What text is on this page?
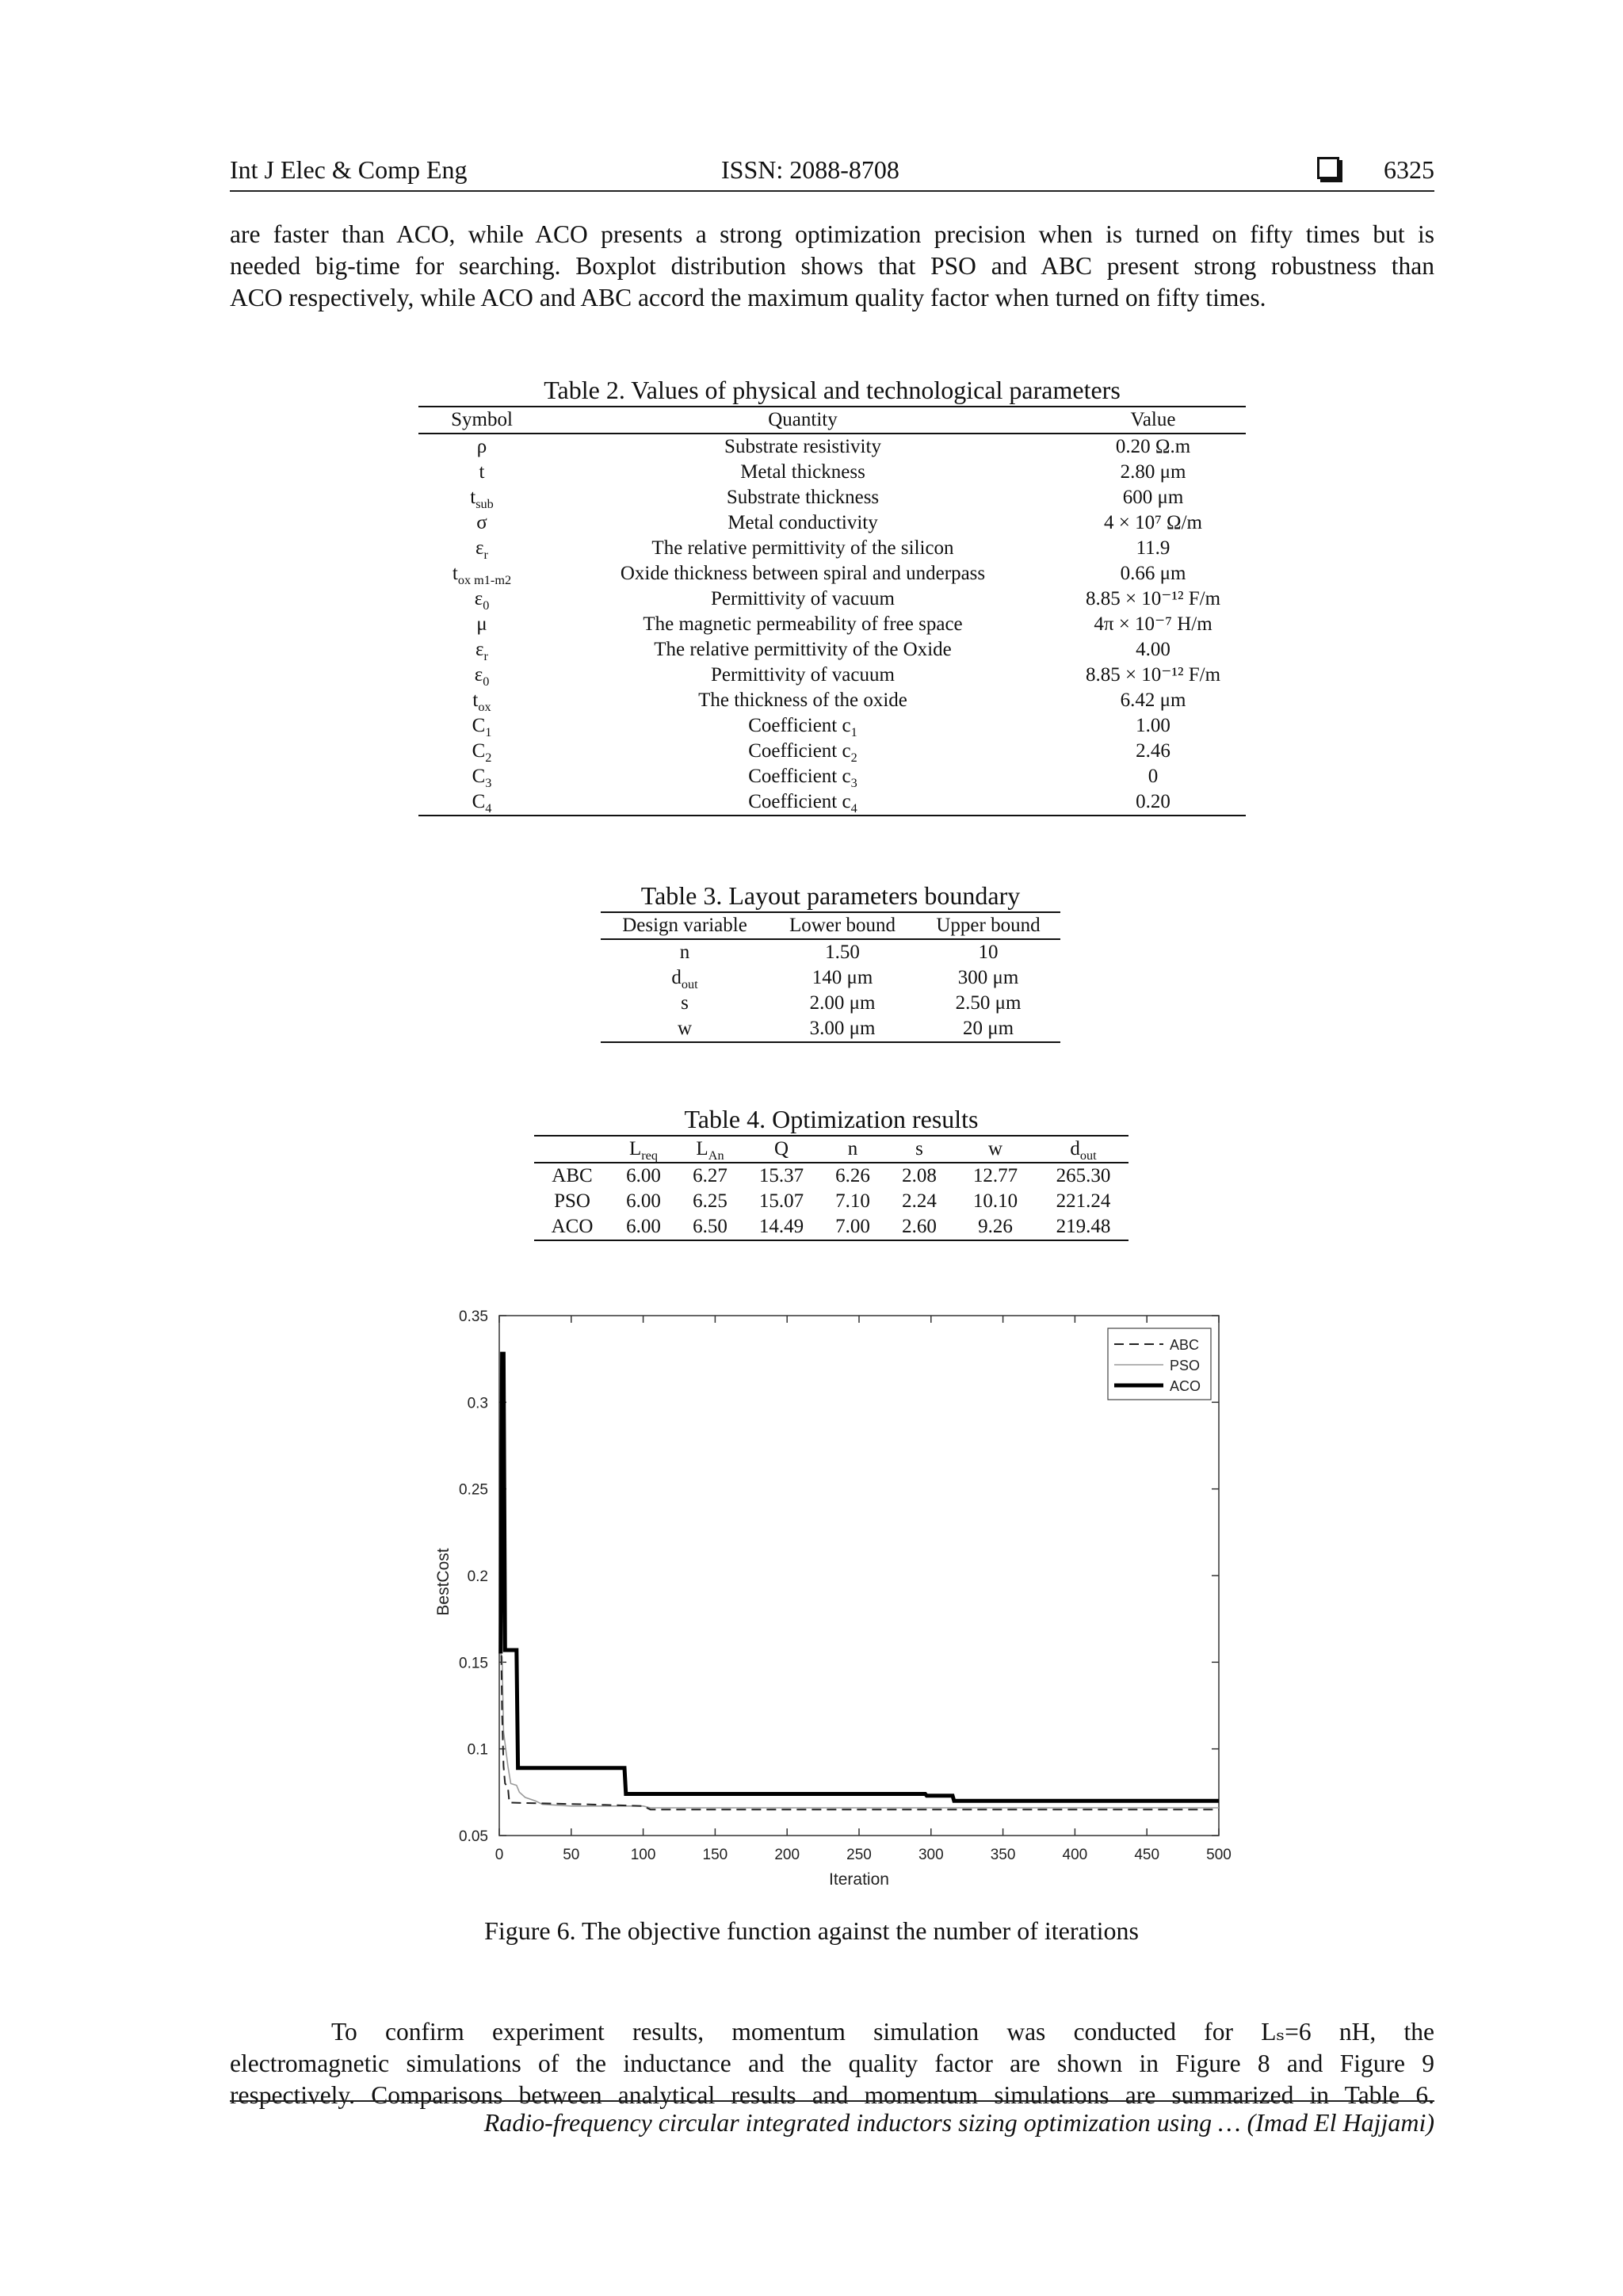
Int J Elec & Comp Eng	ISSN: 2088-8708	6325

are faster than ACO, while ACO presents a strong optimization precision when is turned on fifty times but is
needed big-time for searching. Boxplot distribution shows that PSO and ABC present strong robustness than
ACO respectively, while ACO and ABC accord the maximum quality factor when turned on fifty times.

Table 2. Values of physical and technological parameters
Symbol	Quantity	Value
ρ	Substrate resistivity	0.20 Ω.m
t	Metal thickness	2.80 μm
$t_{sub}$	Substrate thickness	600 μm
σ	Metal conductivity	4 × 10⁷ Ω/m
$\varepsilon_r$	The relative permittivity of the silicon	11.9
$t_{ox m1-m2}$	Oxide thickness between spiral and underpass	0.66 μm
$\varepsilon_0$	Permittivity of vacuum	8.85 × 10⁻¹² F/m
μ	The magnetic permeability of free space	4π × 10⁻⁷ H/m
$\varepsilon_r$	The relative permittivity of the Oxide	4.00
$\varepsilon_0$	Permittivity of vacuum	8.85 × 10⁻¹² F/m
$t_{ox}$	The thickness of the oxide	6.42 μm
$C_1$	Coefficient $c_1$	1.00
$C_2$	Coefficient $c_2$	2.46
$C_3$	Coefficient $c_3$	0
$C_4$	Coefficient $c_4$	0.20
Table 3. Layout parameters boundary
Design variable	Lower bound	Upper bound
n	1.50	10
$d_{out}$	140 μm	300 μm
s	2.00 μm	2.50 μm
w	3.00 μm	20 μm
Table 4. Optimization results
	$L_{req}$	$L_{An}$	Q	n	s	w	$d_{out}$
ABC	6.00	6.27	15.37	6.26	2.08	12.77	265.30
PSO	6.00	6.25	15.07	7.10	2.24	10.10	221.24
ACO	6.00	6.50	14.49	7.00	2.60	9.26	219.48
0	50	100	150	200	250	300	350	400	450	500
0.05
0.1
0.15
0.2
0.25
0.3
0.35
Iteration
BestCost
ABC
PSO
ACO
Figure 6. The objective function against the number of iterations

To confirm experiment results, momentum simulation was conducted for Lₛ=6 nH, the
electromagnetic simulations of the inductance and the quality factor are shown in Figure 8 and Figure 9
respectively. Comparisons between analytical results and momentum simulations are summarized in Table 6.

Radio-frequency circular integrated inductors sizing optimization using … (Imad El Hajjami)
